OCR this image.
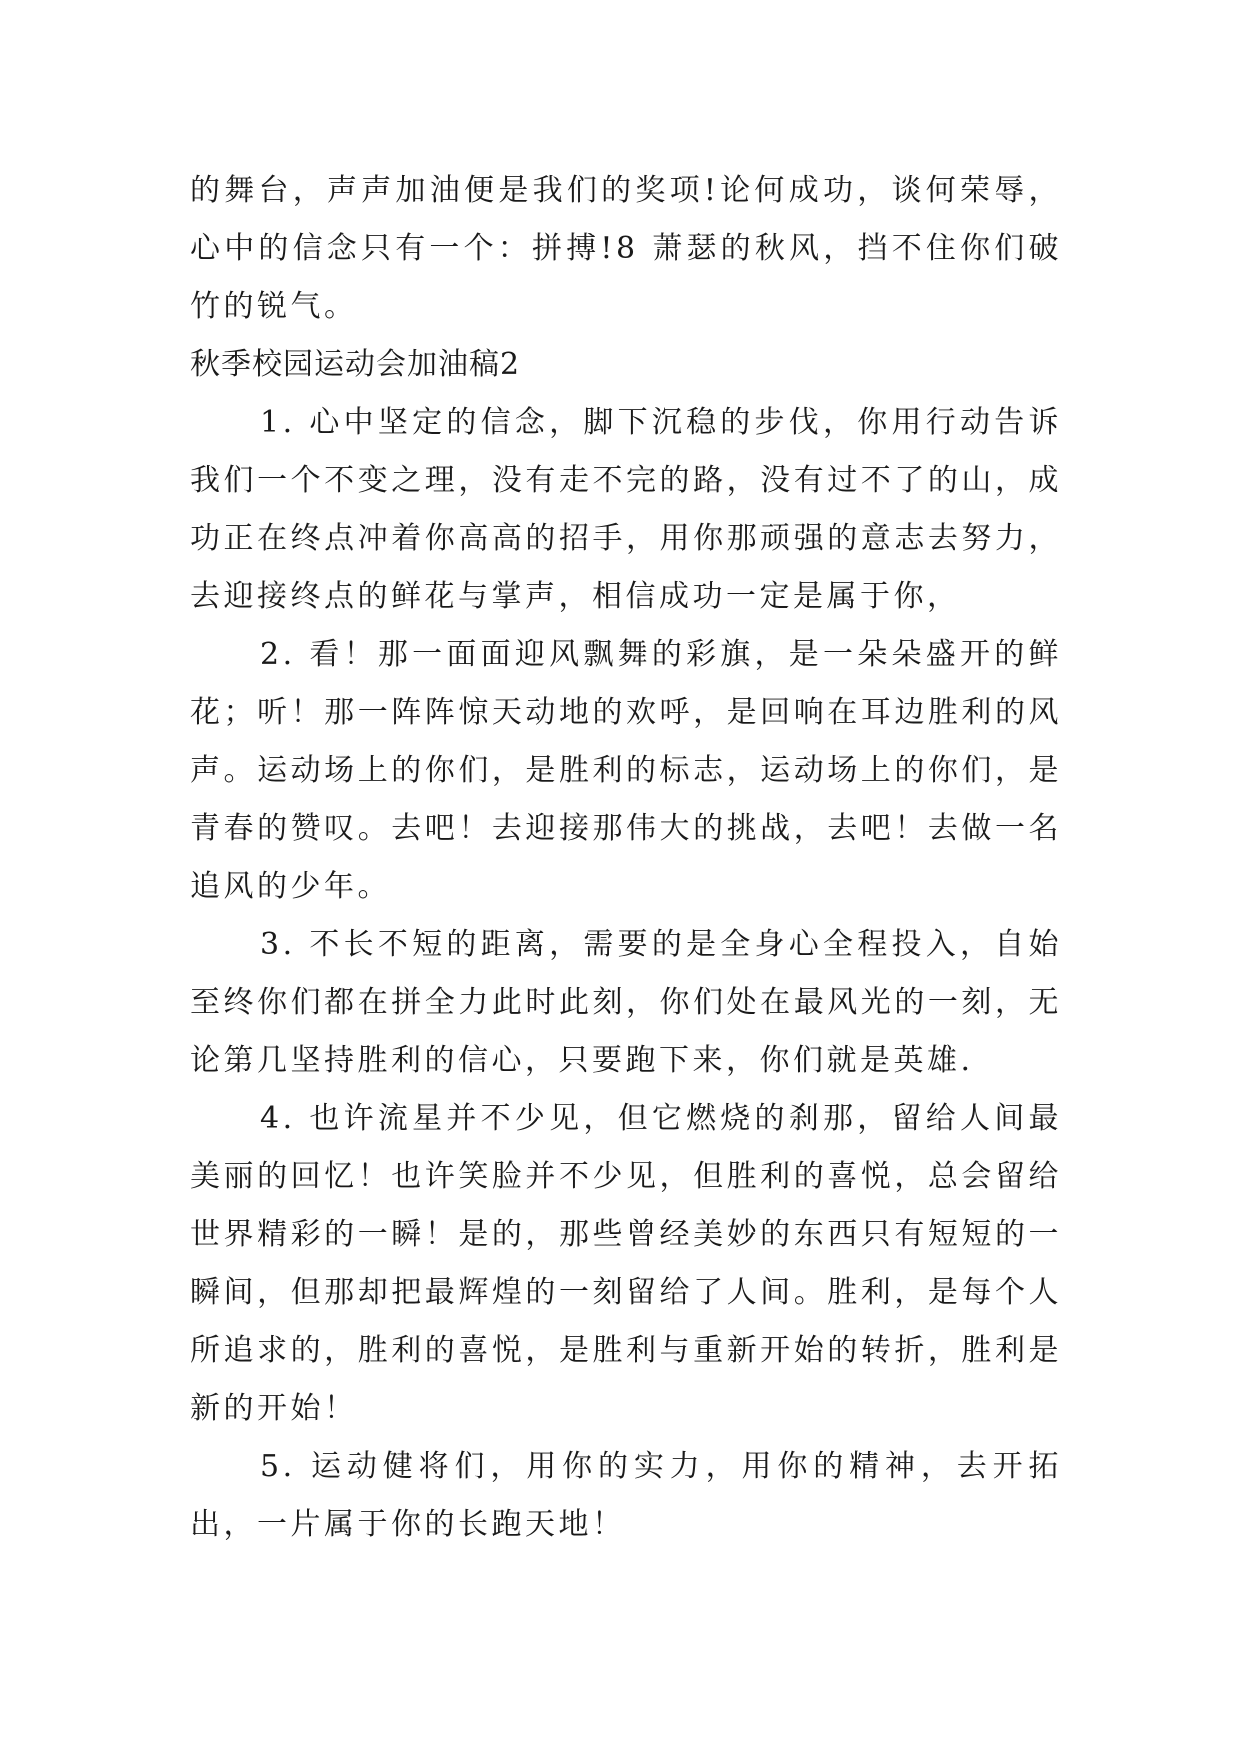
的舞台，声声加油便是我们的奖项!论何成功，谈何荣辱，心中的信念只有一个：拼搏!8 萧瑟的秋风，挡不住你们破竹的锐气。

秋季校园运动会加油稿2

1. 心中坚定的信念，脚下沉稳的步伐，你用行动告诉我们一个不变之理，没有走不完的路，没有过不了的山，成功正在终点冲着你高高的招手，用你那顽强的意志去努力，去迎接终点的鲜花与掌声，相信成功一定是属于你，

2. 看！那一面面迎风飘舞的彩旗，是一朵朵盛开的鲜花；听！那一阵阵惊天动地的欢呼，是回响在耳边胜利的风声。运动场上的你们，是胜利的标志，运动场上的你们，是青春的赞叹。去吧！去迎接那伟大的挑战，去吧！去做一名追风的少年。

3. 不长不短的距离，需要的是全身心全程投入，自始至终你们都在拼全力此时此刻，你们处在最风光的一刻，无论第几坚持胜利的信心，只要跑下来，你们就是英雄.

4. 也许流星并不少见，但它燃烧的刹那，留给人间最美丽的回忆！也许笑脸并不少见，但胜利的喜悦，总会留给世界精彩的一瞬！是的，那些曾经美妙的东西只有短短的一瞬间，但那却把最辉煌的一刻留给了人间。胜利，是每个人所追求的，胜利的喜悦，是胜利与重新开始的转折，胜利是新的开始！

5. 运动健将们，用你的实力，用你的精神，去开拓出，一片属于你的长跑天地！
